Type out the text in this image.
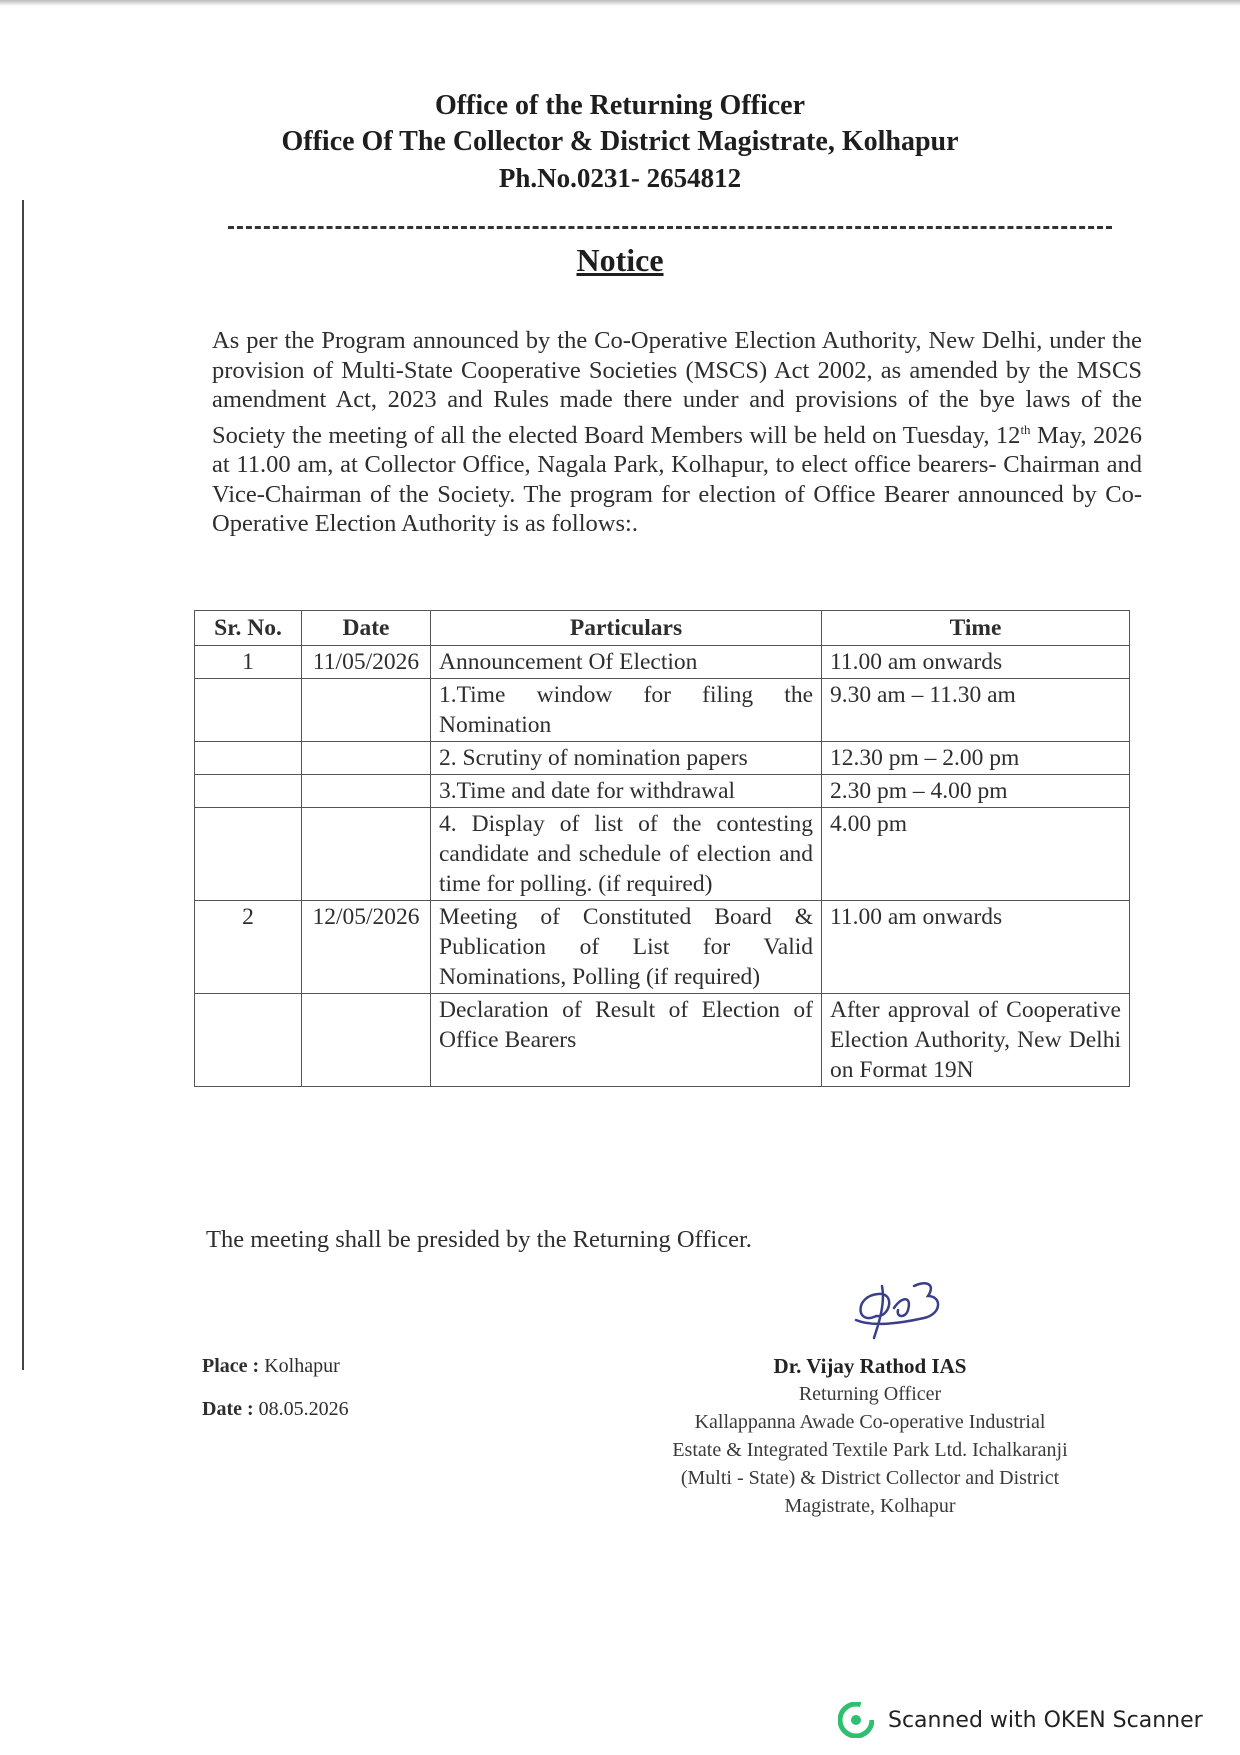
Office of the Returning Officer
Office Of The Collector & District Magistrate, Kolhapur
Ph.No.0231- 2654812
Notice
As per the Program announced by the Co-Operative Election Authority, New Delhi, under the provision of Multi-State Cooperative Societies (MSCS) Act 2002, as amended by the MSCS amendment Act, 2023 and Rules made there under and provisions of the bye laws of the Society the meeting of all the elected Board Members will be held on Tuesday, 12th May, 2026 at 11.00 am, at Collector Office, Nagala Park, Kolhapur, to elect office bearers- Chairman and Vice-Chairman of the Society. The program for election of Office Bearer announced by Co-Operative Election Authority is as follows:.
Sr. No.	Date	Particulars	Time
1	11/05/2026	Announcement Of Election	11.00 am onwards
		1.Time window for filing the Nomination	9.30 am – 11.30 am
		2. Scrutiny of nomination papers	12.30 pm – 2.00 pm
		3.Time and date for withdrawal	2.30 pm – 4.00 pm
		4. Display of list of the contesting candidate and schedule of election and time for polling. (if required)	4.00 pm
2	12/05/2026	Meeting of Constituted Board & Publication of List for Valid Nominations, Polling (if required)	11.00 am onwards
		Declaration of Result of Election of Office Bearers	After approval of Cooperative Election Authority, New Delhi on Format 19N
The meeting shall be presided by the Returning Officer.
Place : Kolhapur
Date : 08.05.2026
Dr. Vijay Rathod IAS
Returning Officer
Kallappanna Awade Co-operative Industrial
Estate & Integrated Textile Park Ltd. Ichalkaranji
(Multi - State) & District Collector and District
Magistrate, Kolhapur
Scanned with OKEN Scanner
